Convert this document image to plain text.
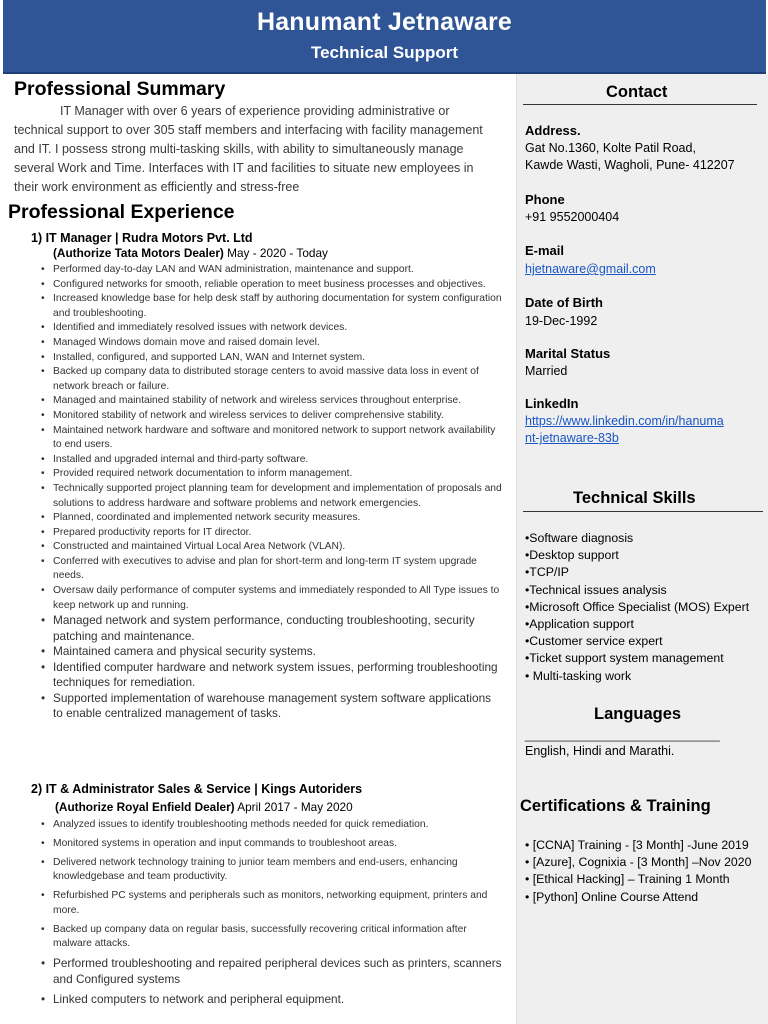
Hanumant Jetnaware
Technical Support
Professional Summary
IT Manager with over 6 years of experience providing administrative or technical support to over 305 staff members and interfacing with facility management and IT. I possess strong multi-tasking skills, with ability to simultaneously manage several Work and Time. Interfaces with IT and facilities to situate new employees in their work environment as efficiently and stress-free
Professional Experience
1) IT Manager | Rudra Motors Pvt. Ltd
(Authorize Tata Motors Dealer) May - 2020 - Today
• Performed day-to-day LAN and WAN administration, maintenance and support.
• Configured networks for smooth, reliable operation to meet business processes and objectives.
• Increased knowledge base for help desk staff by authoring documentation for system configuration and troubleshooting.
• Identified and immediately resolved issues with network devices.
• Managed Windows domain move and raised domain level.
• Installed, configured, and supported LAN, WAN and Internet system.
• Backed up company data to distributed storage centers to avoid massive data loss in event of network breach or failure.
• Managed and maintained stability of network and wireless services throughout enterprise.
• Monitored stability of network and wireless services to deliver comprehensive stability.
• Maintained network hardware and software and monitored network to support network availability to end users.
• Installed and upgraded internal and third-party software.
• Provided required network documentation to inform management.
• Technically supported project planning team for development and implementation of proposals and solutions to address hardware and software problems and network emergencies.
• Planned, coordinated and implemented network security measures.
• Prepared productivity reports for IT director.
• Constructed and maintained Virtual Local Area Network (VLAN).
• Conferred with executives to advise and plan for short-term and long-term IT system upgrade needs.
• Oversaw daily performance of computer systems and immediately responded to All Type issues to keep network up and running.
• Managed network and system performance, conducting troubleshooting, security patching and maintenance.
• Maintained camera and physical security systems.
• Identified computer hardware and network system issues, performing troubleshooting techniques for remediation.
• Supported implementation of warehouse management system software applications to enable centralized management of tasks.
2) IT & Administrator Sales & Service | Kings Autoriders
(Authorize Royal Enfield Dealer) April 2017 - May 2020
• Analyzed issues to identify troubleshooting methods needed for quick remediation.
• Monitored systems in operation and input commands to troubleshoot areas.
• Delivered network technology training to junior team members and end-users, enhancing knowledgebase and team productivity.
• Refurbished PC systems and peripherals such as monitors, networking equipment, printers and more.
• Backed up company data on regular basis, successfully recovering critical information after malware attacks.
• Performed troubleshooting and repaired peripheral devices such as printers, scanners and Configured systems
• Linked computers to network and peripheral equipment.
Contact
Address.
Gat No.1360, Kolte Patil Road,
Kawde Wasti, Wagholi, Pune- 412207
Phone
+91 9552000404
E-mail
hjetnaware@gmail.com
Date of Birth
19-Dec-1992
Marital Status
Married
LinkedIn
https://www.linkedin.com/in/hanuma
nt-jetnaware-83b
Technical Skills
•Software diagnosis
•Desktop support
•TCP/IP
•Technical issues analysis
•Microsoft Office Specialist (MOS) Expert
•Application support
•Customer service expert
•Ticket support system management
• Multi-tasking work
Languages
____________________________
English, Hindi and Marathi.
Certifications & Training
• [CCNA] Training - [3 Month] -June 2019
• [Azure], Cognixia - [3 Month] –Nov 2020
• [Ethical Hacking] – Training 1 Month
• [Python] Online Course Attend
